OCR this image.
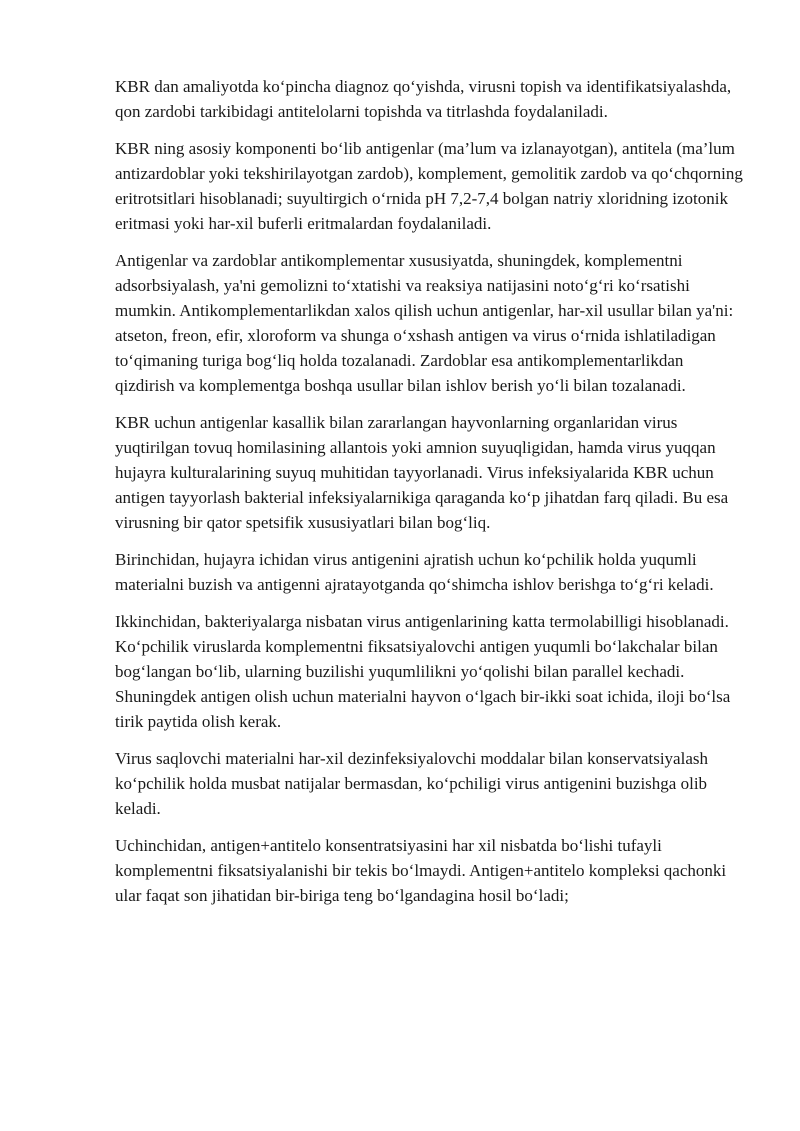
KBR dan amaliyotda ko‘pincha diagnoz qo‘yishda, virusni topish va identifikatsiyalashda, qon zardobi tarkibidagi antitelolarni topishda va titrlashda foydalaniladi.

KBR ning asosiy komponenti bo‘lib antigenlar (ma’lum va izlanayotgan), antitela (ma’lum antizardoblar yoki tekshirilayotgan zardob), komplement, gemolitik zardob va qo‘chqorning eritrotsitlari hisoblanadi; suyultirgich o‘rnida pH 7,2-7,4 bolgan natriy xloridning izotonik eritmasi yoki har-xil buferli eritmalardan foydalaniladi.

Antigenlar va zardoblar antikomplementar xususiyatda, shuningdek, komplementni adsorbsiyalash, ya'ni gemolizni to‘xtatishi va reaksiya natijasini noto‘g‘ri ko‘rsatishi mumkin. Antikomplementarlikdan xalos qilish uchun antigenlar, har-xil usullar bilan ya'ni: atseton, freon, efir, xloroform va shunga o‘xshash antigen va virus o‘rnida ishlatiladigan to‘qimaning turiga bog‘liq holda tozalanadi. Zardoblar esa antikomplementarlikdan qizdirish va komplementga boshqa usullar bilan ishlov berish yo‘li bilan tozalanadi.

KBR uchun antigenlar kasallik bilan zararlangan hayvonlarning organlaridan virus yuqtirilgan tovuq homilasining allantois yoki amnion suyuqligidan, hamda virus yuqqan hujayra kulturalarining suyuq muhitidan tayyorlanadi. Virus infeksiyalarida KBR uchun antigen tayyorlash bakterial infeksiyalarnikiga qaraganda ko‘p jihatdan farq qiladi. Bu esa virusning bir qator spetsifik xususiyatlari bilan bog‘liq.

Birinchidan, hujayra ichidan virus antigenini ajratish uchun ko‘pchilik holda yuqumli materialni buzish va antigenni ajratayotganda qo‘shimcha ishlov berishga to‘g‘ri keladi.

Ikkinchidan, bakteriyalarga nisbatan virus antigenlarining katta termolabilligi hisoblanadi. Ko‘pchilik viruslarda komplementni fiksatsiyalovchi antigen yuqumli bo‘lakchalar bilan bog‘langan bo‘lib, ularning buzilishi yuqumlilikni yo‘qolishi bilan parallel kechadi. Shuningdek antigen olish uchun materialni hayvon o‘lgach bir-ikki soat ichida, iloji bo‘lsa tirik paytida olish kerak.

Virus saqlovchi materialni har-xil dezinfeksiyalovchi moddalar bilan konservatsiyalash ko‘pchilik holda musbat natijalar bermasdan, ko‘pchiligi virus antigenini buzishga olib keladi.

Uchinchidan, antigen+antitelo konsentratsiyasini har xil nisbatda bo‘lishi tufayli komplementni fiksatsiyalanishi bir tekis bo‘lmaydi. Antigen+antitelo kompleksi qachonki ular faqat son jihatidan bir-biriga teng bo‘lgandagina hosil bo‘ladi;
